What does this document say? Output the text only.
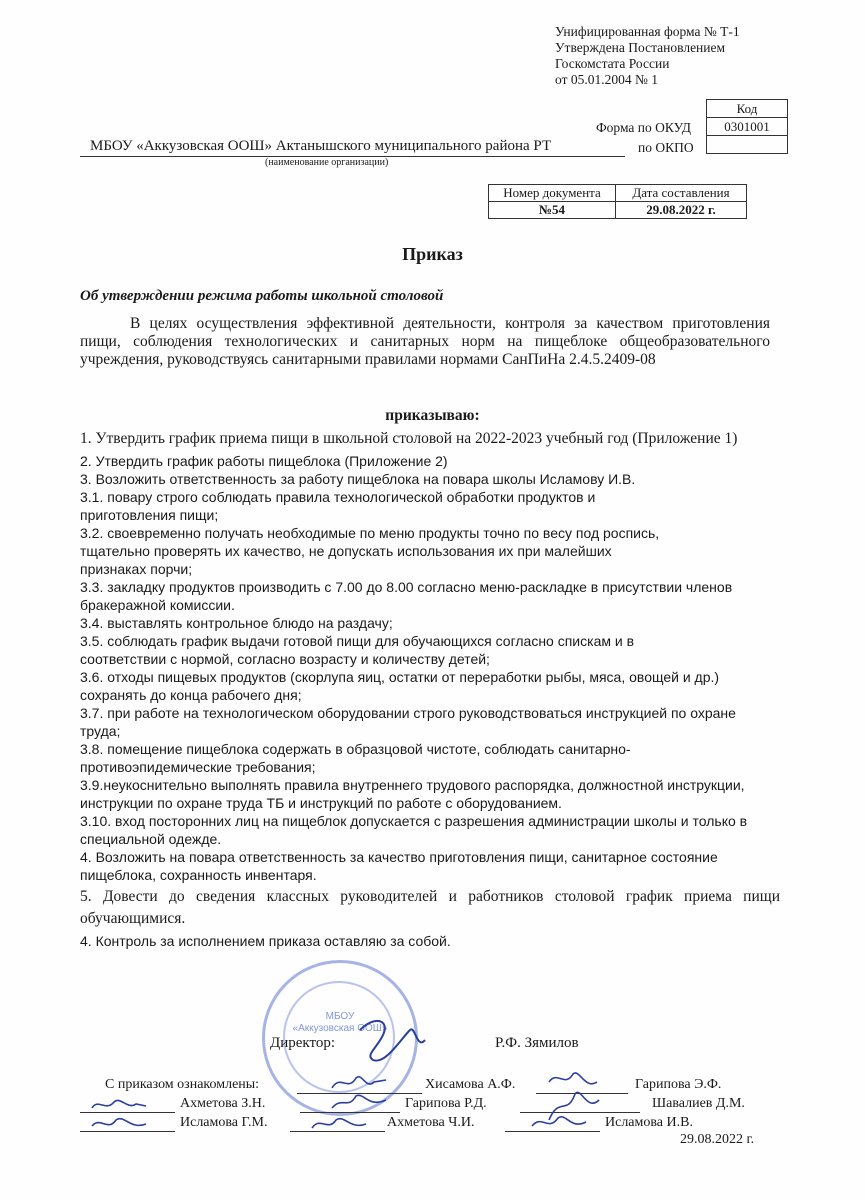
Унифицированная форма № Т-1
Утверждена Постановлением
Госкомстата России
от 05.01.2004 № 1
Код
0301001

Форма по ОКУД
по ОКПО
МБОУ «Аккузовская ООШ» Актанышского муниципального района РТ
(наименование организации)
Номер документа	Дата составления
№54	29.08.2022 г.
Приказ
Об утверждении режима работы школьной столовой
В целях осуществления эффективной деятельности, контроля за качеством приготовления пищи, соблюдения технологических и санитарных норм на пищеблоке общеобразовательного учреждения, руководствуясь санитарными правилами нормами СанПиНа 2.4.5.2409-08
приказываю:
1. Утвердить график приема пищи в школьной столовой на 2022-2023 учебный год (Приложение 1)
2. Утвердить график работы пищеблока (Приложение 2)
3. Возложить ответственность за работу пищеблока на повара школы Исламову И.В.
3.1. повару строго соблюдать правила технологической обработки продуктов и приготовления пищи;
3.2. своевременно получать необходимые по меню продукты точно по весу под роспись, тщательно проверять их качество, не допускать использования их при малейших признаках порчи;
3.3. закладку продуктов производить с 7.00 до 8.00 согласно меню-раскладке в присутствии членов бракеражной комиссии.
3.4. выставлять контрольное блюдо на раздачу;
3.5. соблюдать график выдачи готовой пищи для обучающихся согласно спискам и в соответствии с нормой, согласно возрасту и количеству детей;
3.6. отходы пищевых продуктов (скорлупа яиц, остатки от переработки рыбы, мяса, овощей и др.) сохранять до конца рабочего дня;
3.7. при работе на технологическом оборудовании строго руководствоваться инструкцией по охране труда;
3.8. помещение пищеблока содержать в образцовой чистоте, соблюдать санитарно-противоэпидемические требования;
3.9.неукоснительно выполнять правила внутреннего трудового распорядка, должностной инструкции, инструкции по охране труда ТБ и инструкций по работе с оборудованием.
3.10. вход посторонних лиц на пищеблок допускается с разрешения администрации школы и только в специальной одежде.
4. Возложить на повара ответственность за качество приготовления пищи, санитарное состояние пищеблока, сохранность инвентаря.
5. Довести до сведения классных руководителей и работников столовой график приема пищи обучающимися.
4. Контроль за исполнением приказа оставляю за собой.
МБОУ
«Аккузовская ООШ»
Директор:	Р.Ф. Зямилов
С приказом ознакомлены:	Хисамова А.Ф.	Гарипова Э.Ф.
Ахметова З.Н.	Гарипова Р.Д.	Шавалиев Д.М.
Исламова Г.М.	Ахметова Ч.И.	Исламова И.В.
29.08.2022 г.
